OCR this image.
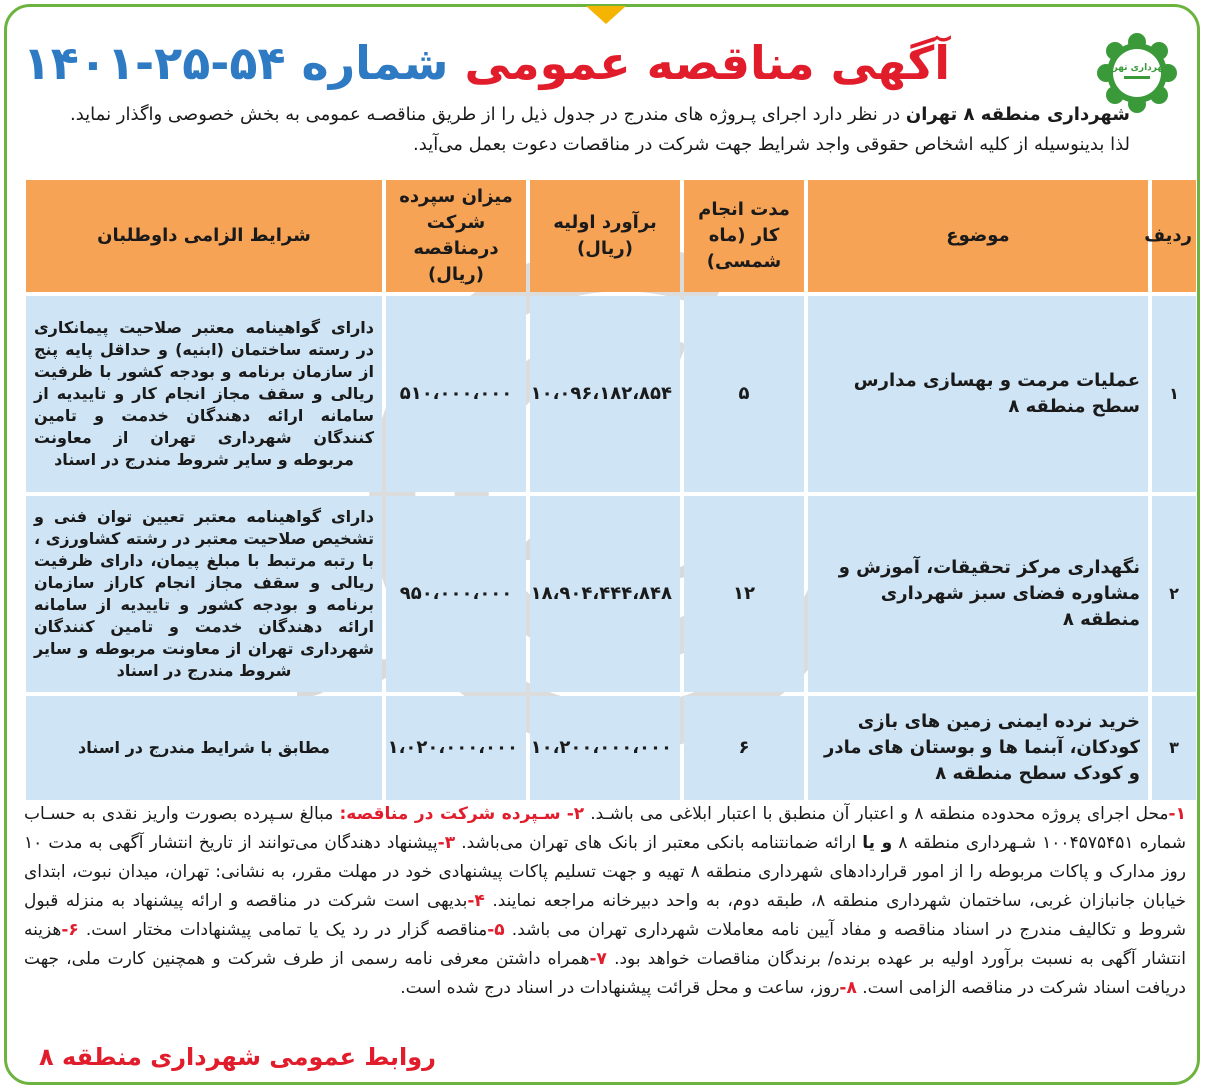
شهرداری تهران
آگهی مناقصه عمومی شماره ۵۴-۲۵-۱۴۰۱
شهرداری منطقه ۸ تهران در نظر دارد اجرای پـروژه های مندرج در جدول ذیل را از طریق مناقصـه عمومی به بخش خصوصی واگذار نماید. لذا بدینوسیله از کلیه اشخاص حقوقی واجد شرایط جهت شرکت در مناقصات دعوت بعمل می‌آید.
ردیف	موضوع	مدت انجام کار (ماه شمسی)	برآورد اولیه (ریال)	میزان سپرده شرکت درمناقصه (ریال)	شرایط الزامی داوطلبان
۱	عملیات مرمت و بهسازی مدارس سطح منطقه ۸	۵	۱۰،۰۹۶،۱۸۲،۸۵۴	۵۱۰،۰۰۰،۰۰۰	دارای گواهینامه معتبر صلاحیت پیمانکاری در رسته ساختمان (ابنیه) و حداقل پایه پنج از سازمان برنامه و بودجه کشور با ظرفیت ریالی و سقف مجاز انجام کار و تاییدیه از سامانه ارائه دهندگان خدمت و تامین کنندگان شهرداری تهران از معاونت مربوطه و سایر شروط مندرج در اسناد
۲	نگهداری مرکز تحقیقات، آموزش و مشاوره فضای سبز شهرداری منطقه ۸	۱۲	۱۸،۹۰۴،۴۴۴،۸۴۸	۹۵۰،۰۰۰،۰۰۰	دارای گواهینامه معتبر تعیین توان فنی و تشخیص صلاحیت معتبر در رشته کشاورزی ، با رتبه مرتبط با مبلغ پیمان، دارای ظرفیت ریالی و سقف مجاز انجام کاراز سازمان برنامه و بودجه کشور و تاییدیه از سامانه ارائه دهندگان خدمت و تامین کنندگان شهرداری تهران از معاونت مربوطه و سایر شروط مندرج در اسناد
۳	خرید نرده ایمنی زمین های بازی کودکان، آبنما ها و بوستان های مادر و کودک سطح منطقه ۸	۶	۱۰،۲۰۰،۰۰۰،۰۰۰	۱،۰۲۰،۰۰۰،۰۰۰	مطابق با شرایط مندرج در اسناد
۱-محل اجرای پروژه محدوده منطقه ۸ و اعتبار آن منطبق با اعتبار ابلاغی می باشـد. ۲- سـپرده شرکت در مناقصه: مبالغ سـپرده بصورت واریز نقدی به حسـاب شماره ۱۰۰۴۵۷۵۴۵۱ شـهرداری منطقه ۸ و یا ارائه ضمانتنامه بانکی معتبر از بانک های تهران می‌باشد. ۳-پیشنهاد دهندگان می‌توانند از تاریخ انتشار آگهی به مدت ۱۰ روز مدارک و پاکات مربوطه را از امور قراردادهای شهرداری منطقه ۸ تهیه و جهت تسلیم پاکات پیشنهادی خود در مهلت مقرر، به نشانی: تهران، میدان نبوت، ابتدای خیابان جانبازان غربی، ساختمان شهرداری منطقه ۸، طبقه دوم، به واحد دبیرخانه مراجعه نمایند. ۴-بدیهی است شرکت در مناقصه و ارائه پیشنهاد به منزله قبول شروط و تکالیف مندرج در اسناد مناقصه و مفاد آیین نامه معاملات شهرداری تهران می باشد. ۵-مناقصه گزار در رد یک یا تمامی پیشنهادات مختار است. ۶-هزینه انتشار آگهی به نسبت برآورد اولیه بر عهده برنده/ برندگان مناقصات خواهد بود. ۷-همراه داشتن معرفی نامه رسمی از طرف شرکت و همچنین کارت ملی، جهت دریافت اسناد شرکت در مناقصه الزامی است. ۸-روز، ساعت و محل قرائت پیشنهادات در اسناد درج شده است.
روابط عمومی شهرداری منطقه ۸
